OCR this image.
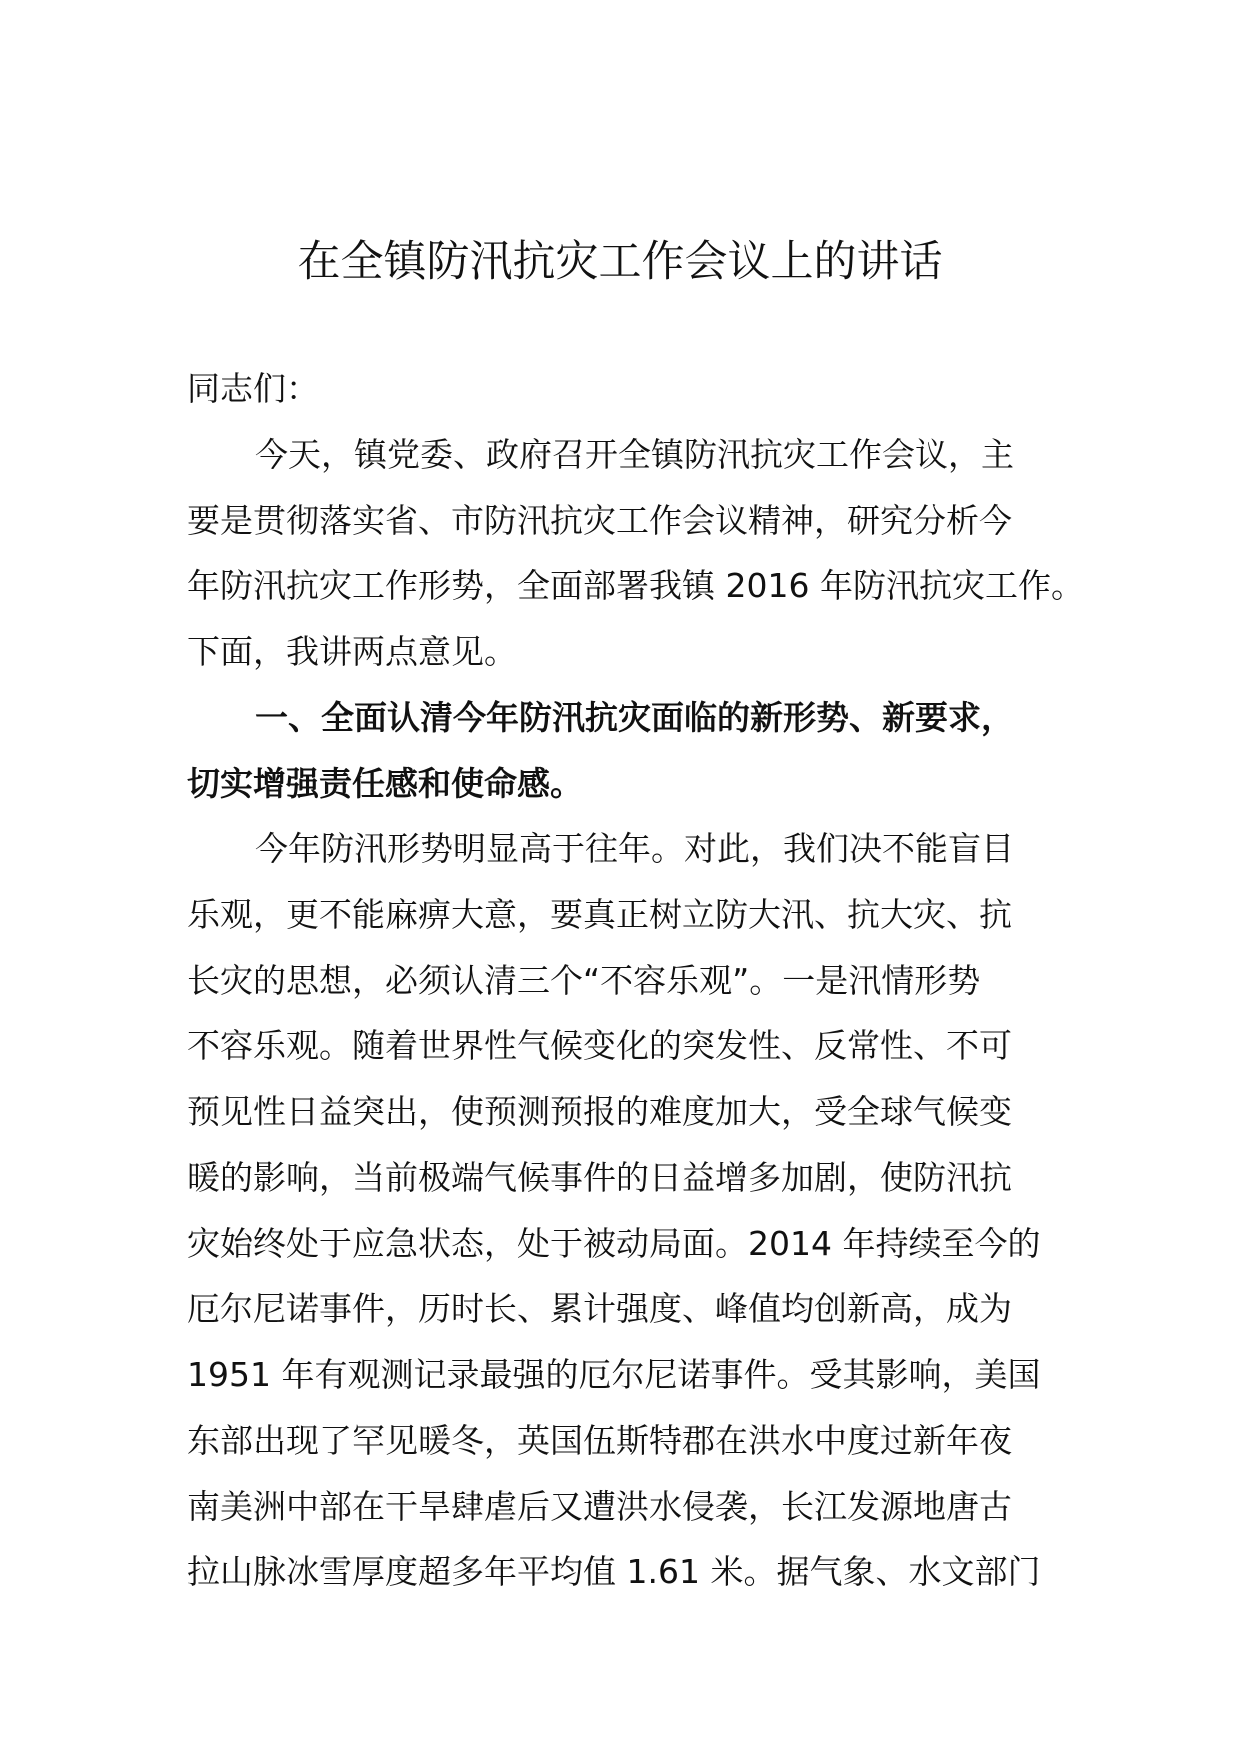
在全镇防汛抗灾工作会议上的讲话
同志们：
今天，镇党委、政府召开全镇防汛抗灾工作会议，主
要是贯彻落实省、市防汛抗灾工作会议精神，研究分析今
年防汛抗灾工作形势，全面部署我镇 2016 年防汛抗灾工作。
下面，我讲两点意见。
一、全面认清今年防汛抗灾面临的新形势、新要求，
切实增强责任感和使命感。
今年防汛形势明显高于往年。对此，我们决不能盲目
乐观，更不能麻痹大意，要真正树立防大汛、抗大灾、抗
长灾的思想，必须认清三个“不容乐观”。一是汛情形势
不容乐观。随着世界性气候变化的突发性、反常性、不可
预见性日益突出，使预测预报的难度加大，受全球气候变
暖的影响，当前极端气候事件的日益增多加剧，使防汛抗
灾始终处于应急状态，处于被动局面。2014 年持续至今的
厄尔尼诺事件，历时长、累计强度、峰值均创新高，成为
1951 年有观测记录最强的厄尔尼诺事件。受其影响，美国
东部出现了罕见暖冬，英国伍斯特郡在洪水中度过新年夜
南美洲中部在干旱肆虐后又遭洪水侵袭，长江发源地唐古
拉山脉冰雪厚度超多年平均值 1.61 米。据气象、水文部门
